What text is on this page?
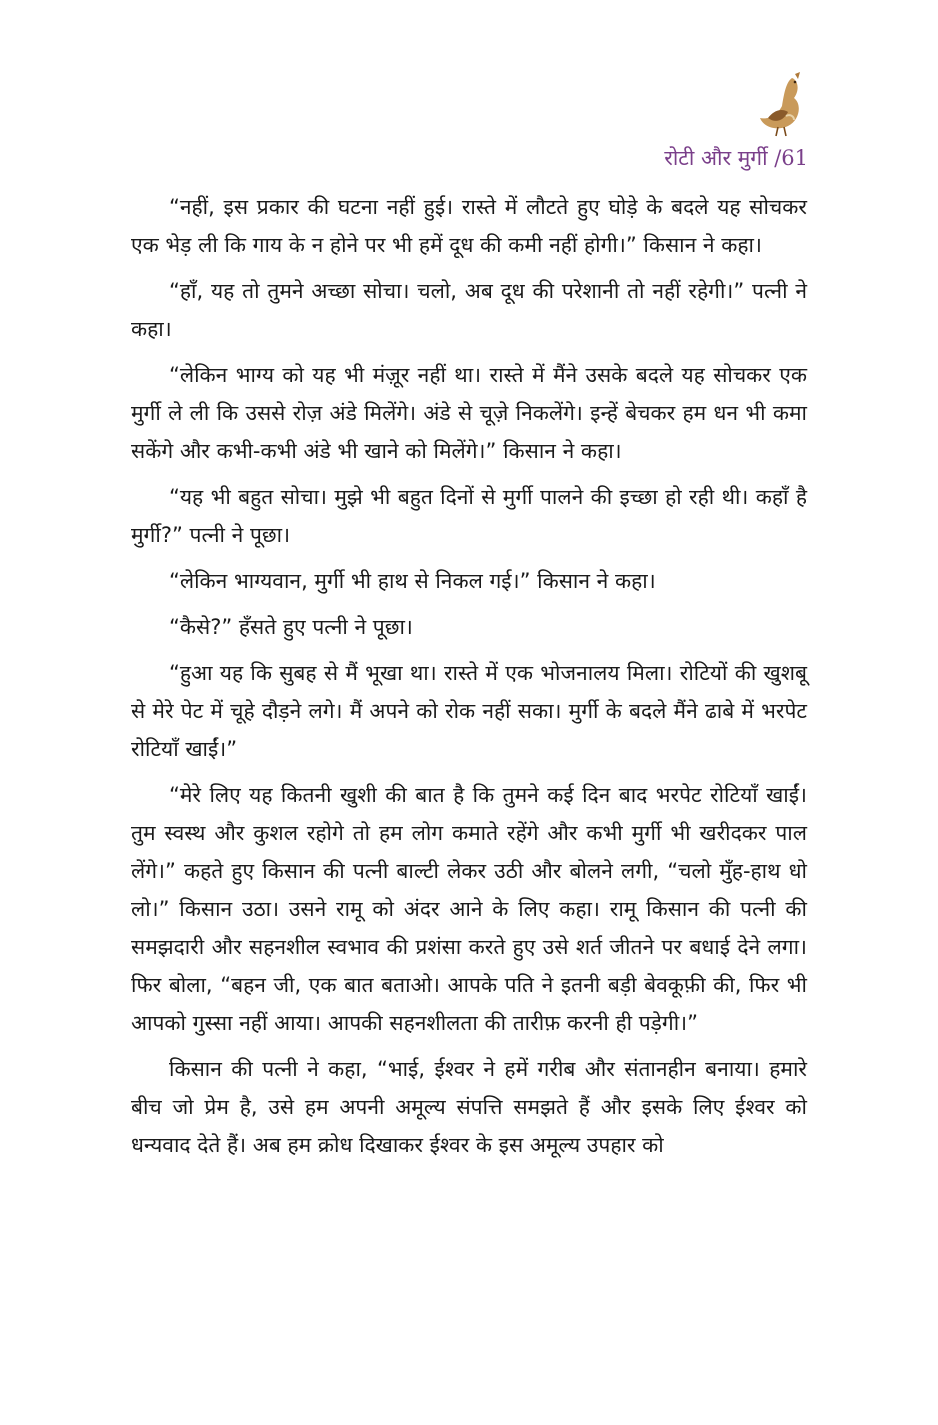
रोटी और मुर्गी /61

“नहीं, इस प्रकार की घटना नहीं हुई। रास्ते में लौटते हुए घोड़े के बदले यह सोचकर एक भेड़ ली कि गाय के न होने पर भी हमें दूध की कमी नहीं होगी।” किसान ने कहा।

“हाँ, यह तो तुमने अच्छा सोचा। चलो, अब दूध की परेशानी तो नहीं रहेगी।” पत्नी ने कहा।

“लेकिन भाग्य को यह भी मंज़ूर नहीं था। रास्ते में मैंने उसके बदले यह सोचकर एक मुर्गी ले ली कि उससे रोज़ अंडे मिलेंगे। अंडे से चूज़े निकलेंगे। इन्हें बेचकर हम धन भी कमा सकेंगे और कभी-कभी अंडे भी खाने को मिलेंगे।” किसान ने कहा।

“यह भी बहुत सोचा। मुझे भी बहुत दिनों से मुर्गी पालने की इच्छा हो रही थी। कहाँ है मुर्गी?” पत्नी ने पूछा।

“लेकिन भाग्यवान, मुर्गी भी हाथ से निकल गई।” किसान ने कहा।

“कैसे?” हँसते हुए पत्नी ने पूछा।

“हुआ यह कि सुबह से मैं भूखा था। रास्ते में एक भोजनालय मिला। रोटियों की खुशबू से मेरे पेट में चूहे दौड़ने लगे। मैं अपने को रोक नहीं सका। मुर्गी के बदले मैंने ढाबे में भरपेट रोटियाँ खाईं।”

“मेरे लिए यह कितनी खुशी की बात है कि तुमने कई दिन बाद भरपेट रोटियाँ खाईं। तुम स्वस्थ और कुशल रहोगे तो हम लोग कमाते रहेंगे और कभी मुर्गी भी खरीदकर पाल लेंगे।” कहते हुए किसान की पत्नी बाल्टी लेकर उठी और बोलने लगी, “चलो मुँह-हाथ धो लो।” किसान उठा। उसने रामू को अंदर आने के लिए कहा। रामू किसान की पत्नी की समझदारी और सहनशील स्वभाव की प्रशंसा करते हुए उसे शर्त जीतने पर बधाई देने लगा। फिर बोला, “बहन जी, एक बात बताओ। आपके पति ने इतनी बड़ी बेवकूफ़ी की, फिर भी आपको गुस्सा नहीं आया। आपकी सहनशीलता की तारीफ़ करनी ही पड़ेगी।”

किसान की पत्नी ने कहा, “भाई, ईश्वर ने हमें गरीब और संतानहीन बनाया। हमारे बीच जो प्रेम है, उसे हम अपनी अमूल्य संपत्ति समझते हैं और इसके लिए ईश्वर को धन्यवाद देते हैं। अब हम क्रोध दिखाकर ईश्वर के इस अमूल्य उपहार को
